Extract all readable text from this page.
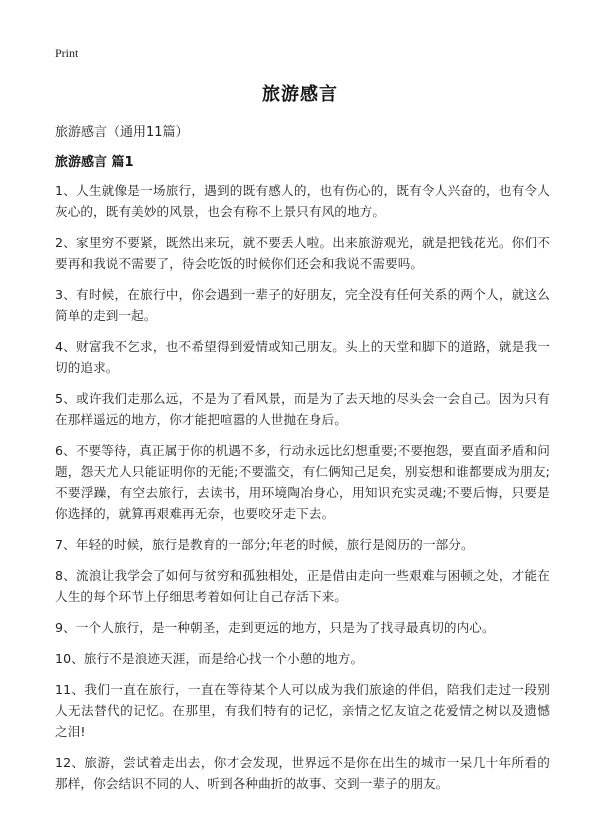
Print
旅游感言
旅游感言（通用11篇）
旅游感言 篇1

1、人生就像是一场旅行，遇到的既有感人的，也有伤心的，既有令人兴奋的，也有令人灰心的，既有美妙的风景，也会有称不上景只有风的地方。

2、家里穷不要紧，既然出来玩，就不要丢人啦。出来旅游观光，就是把钱花光。你们不要再和我说不需要了，待会吃饭的时候你们还会和我说不需要吗。

3、有时候，在旅行中，你会遇到一辈子的好朋友，完全没有任何关系的两个人，就这么简单的走到一起。

4、财富我不乞求，也不希望得到爱情或知己朋友。头上的天堂和脚下的道路，就是我一切的追求。

5、或许我们走那么远，不是为了看风景，而是为了去天地的尽头会一会自己。因为只有在那样遥远的地方，你才能把喧嚣的人世抛在身后。

6、不要等待，真正属于你的机遇不多，行动永远比幻想重要;不要抱怨，要直面矛盾和问题，怨天尤人只能证明你的无能;不要滥交，有仁俩知己足矣，别妄想和谁都要成为朋友;不要浮躁，有空去旅行，去读书，用环境陶冶身心，用知识充实灵魂;不要后悔，只要是你选择的，就算再艰难再无奈，也要咬牙走下去。

7、年轻的时候，旅行是教育的一部分;年老的时候，旅行是阅历的一部分。

8、流浪让我学会了如何与贫穷和孤独相处，正是借由走向一些艰难与困顿之处，才能在人生的每个环节上仔细思考着如何让自己存活下来。

9、一个人旅行，是一种朝圣，走到更远的地方，只是为了找寻最真切的内心。

10、旅行不是浪迹天涯，而是给心找一个小憩的地方。

11、我们一直在旅行，一直在等待某个人可以成为我们旅途的伴侣，陪我们走过一段别人无法替代的记忆。在那里，有我们特有的记忆，亲情之忆友谊之花爱情之树以及遗憾之泪!

12、旅游，尝试着走出去，你才会发现，世界远不是你在出生的城市一呆几十年所看的那样，你会结识不同的人、听到各种曲折的故事、交到一辈子的朋友。
